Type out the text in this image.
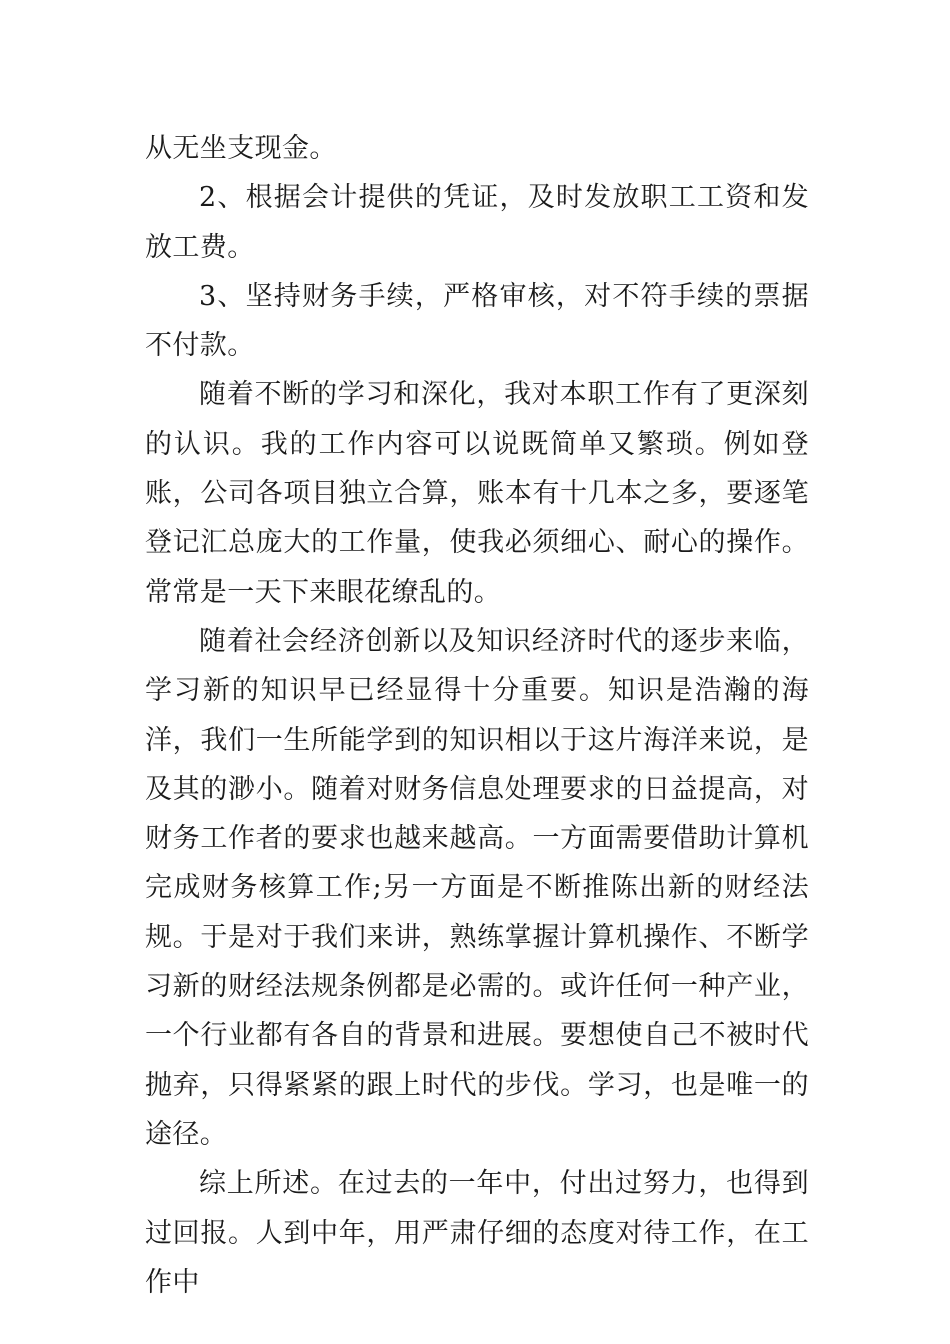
从无坐支现金。

2、根据会计提供的凭证，及时发放职工工资和发放工费。

3、坚持财务手续，严格审核，对不符手续的票据不付款。

随着不断的学习和深化，我对本职工作有了更深刻的认识。我的工作内容可以说既简单又繁琐。例如登账，公司各项目独立合算，账本有十几本之多，要逐笔登记汇总庞大的工作量，使我必须细心、耐心的操作。常常是一天下来眼花缭乱的。

随着社会经济创新以及知识经济时代的逐步来临，学习新的知识早已经显得十分重要。知识是浩瀚的海洋，我们一生所能学到的知识相以于这片海洋来说，是及其的渺小。随着对财务信息处理要求的日益提高，对财务工作者的要求也越来越高。一方面需要借助计算机完成财务核算工作;另一方面是不断推陈出新的财经法规。于是对于我们来讲，熟练掌握计算机操作、不断学习新的财经法规条例都是必需的。或许任何一种产业，一个行业都有各自的背景和进展。要想使自己不被时代抛弃，只得紧紧的跟上时代的步伐。学习，也是唯一的途径。

综上所述。在过去的一年中，付出过努力，也得到过回报。人到中年，用严肃仔细的态度对待工作，在工作中
